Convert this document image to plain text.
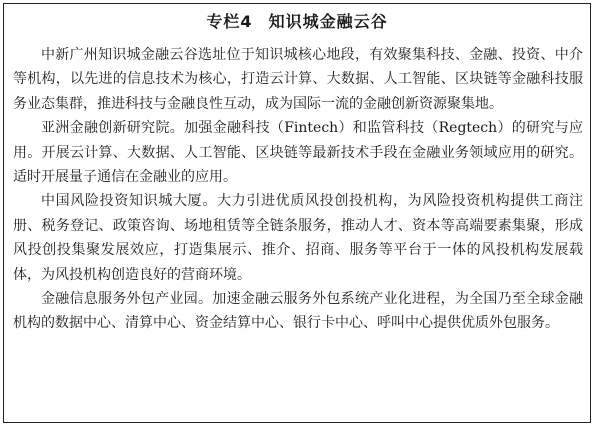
专栏4 知识城金融云谷

中新广州知识城金融云谷选址位于知识城核心地段，有效聚集科技、金融、投资、中介等机构，以先进的信息技术为核心，打造云计算、大数据、人工智能、区块链等金融科技服务业态集群，推进科技与金融良性互动，成为国际一流的金融创新资源聚集地。

亚洲金融创新研究院。加强金融科技（Fintech）和监管科技（Regtech）的研究与应用。开展云计算、大数据、人工智能、区块链等最新技术手段在金融业务领域应用的研究。适时开展量子通信在金融业的应用。

中国风险投资知识城大厦。大力引进优质风投创投机构，为风险投资机构提供工商注册、税务登记、政策咨询、场地租赁等全链条服务，推动人才、资本等高端要素集聚，形成风投创投集聚发展效应，打造集展示、推介、招商、服务等平台于一体的风投机构发展载体，为风投机构创造良好的营商环境。

金融信息服务外包产业园。加速金融云服务外包系统产业化进程，为全国乃至全球金融机构的数据中心、清算中心、资金结算中心、银行卡中心、呼叫中心提供优质外包服务。
